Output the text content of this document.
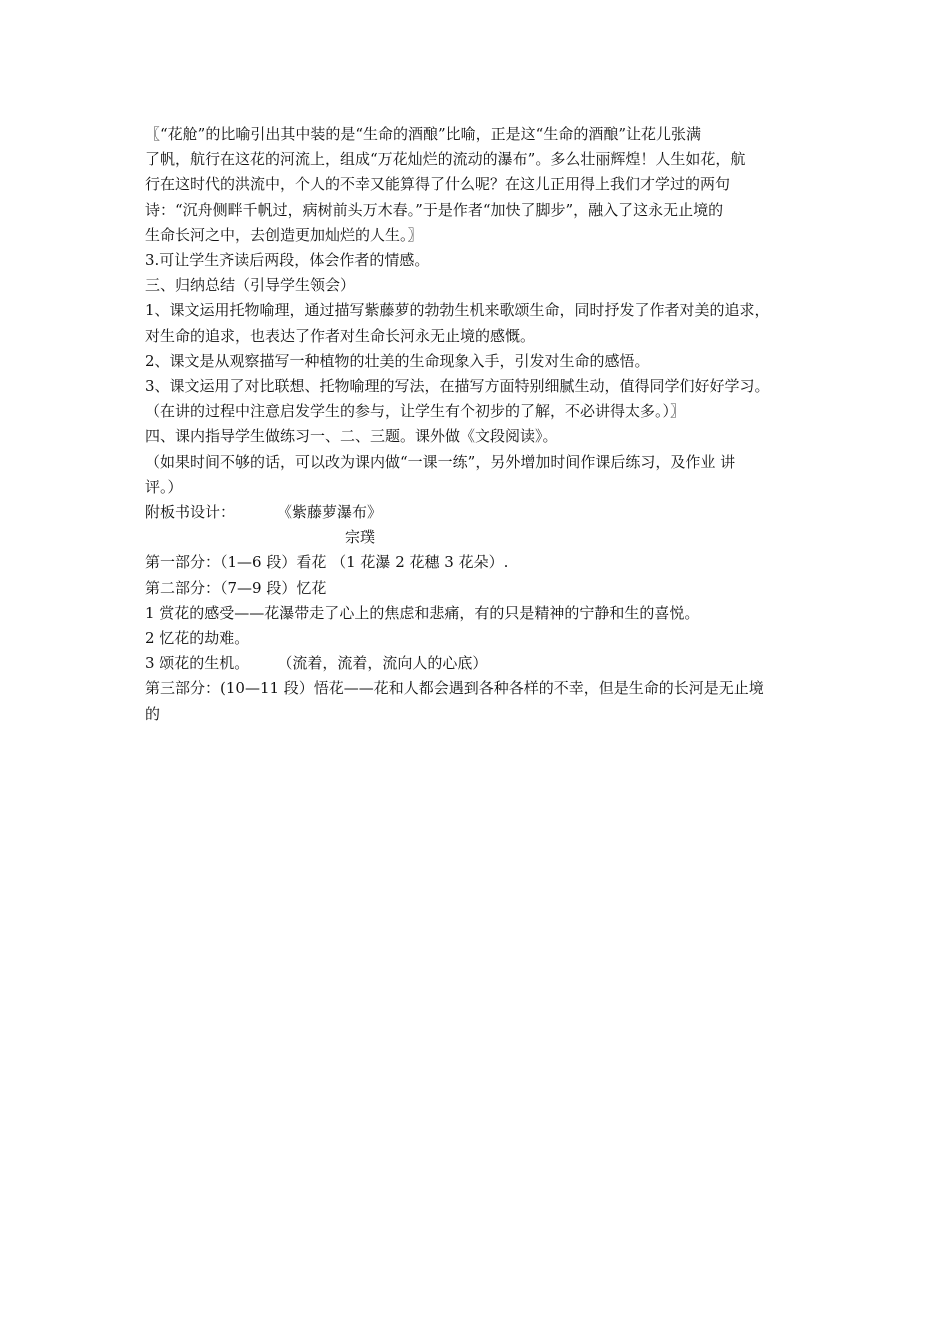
〖“花舱”的比喻引出其中装的是“生命的酒酿”比喻，正是这“生命的酒酿”让花儿张满

了帆，航行在这花的河流上，组成“万花灿烂的流动的瀑布”。多么壮丽辉煌！人生如花，航

行在这时代的洪流中，个人的不幸又能算得了什么呢？在这儿正用得上我们才学过的两句

诗：“沉舟侧畔千帆过，病树前头万木春。”于是作者“加快了脚步”，融入了这永无止境的

生命长河之中，去创造更加灿烂的人生。〗

3.可让学生齐读后两段，体会作者的情感。

三、归纳总结（引导学生领会）

1、课文运用托物喻理，通过描写紫藤萝的勃勃生机来歌颂生命，同时抒发了作者对美的追求，

对生命的追求，也表达了作者对生命长河永无止境的感慨。

2、课文是从观察描写一种植物的壮美的生命现象入手，引发对生命的感悟。

3、课文运用了对比联想、托物喻理的写法，在描写方面特别细腻生动，值得同学们好好学习。

（在讲的过程中注意启发学生的参与，让学生有个初步的了解，不必讲得太多。）〗

四、课内指导学生做练习一、二、三题。课外做《文段阅读》。

（如果时间不够的话，可以改为课内做“一课一练”，另外增加时间作课后练习，及作业 讲

评。）

附板书设计：	《紫藤萝瀑布》

宗璞

第一部分：（1—6 段）看花 （1 花瀑 2 花穗 3 花朵）.

第二部分：（7—9 段）忆花

1 赏花的感受——花瀑带走了心上的焦虑和悲痛，有的只是精神的宁静和生的喜悦。

2 忆花的劫难。

3 颂花的生机。 （流着，流着，流向人的心底）

第三部分：(10—11 段）悟花——花和人都会遇到各种各样的不幸，但是生命的长河是无止境

的
